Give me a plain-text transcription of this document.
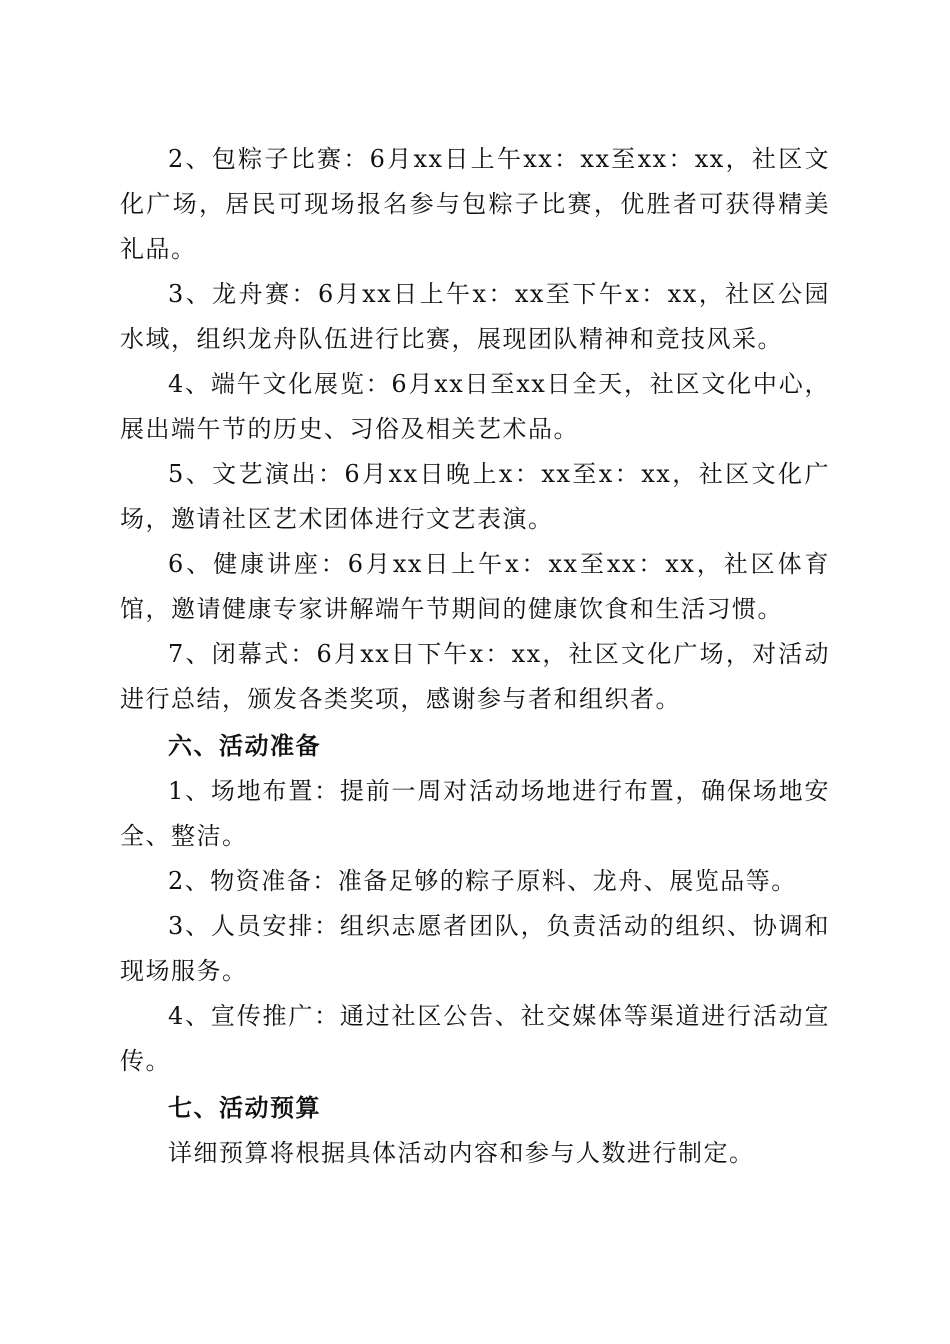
2、包粽子比赛：6月xx日上午xx：xx至xx：xx，社区文化广场，居民可现场报名参与包粽子比赛，优胜者可获得精美礼品。

3、龙舟赛：6月xx日上午x：xx至下午x：xx，社区公园水域，组织龙舟队伍进行比赛，展现团队精神和竞技风采。

4、端午文化展览：6月xx日至xx日全天，社区文化中心，展出端午节的历史、习俗及相关艺术品。

5、文艺演出：6月xx日晚上x：xx至x：xx，社区文化广场，邀请社区艺术团体进行文艺表演。

6、健康讲座：6月xx日上午x：xx至xx：xx，社区体育馆，邀请健康专家讲解端午节期间的健康饮食和生活习惯。

7、闭幕式：6月xx日下午x：xx，社区文化广场，对活动进行总结，颁发各类奖项，感谢参与者和组织者。

六、活动准备

1、场地布置：提前一周对活动场地进行布置，确保场地安全、整洁。

2、物资准备：准备足够的粽子原料、龙舟、展览品等。

3、人员安排：组织志愿者团队，负责活动的组织、协调和现场服务。

4、宣传推广：通过社区公告、社交媒体等渠道进行活动宣传。

七、活动预算

详细预算将根据具体活动内容和参与人数进行制定。
